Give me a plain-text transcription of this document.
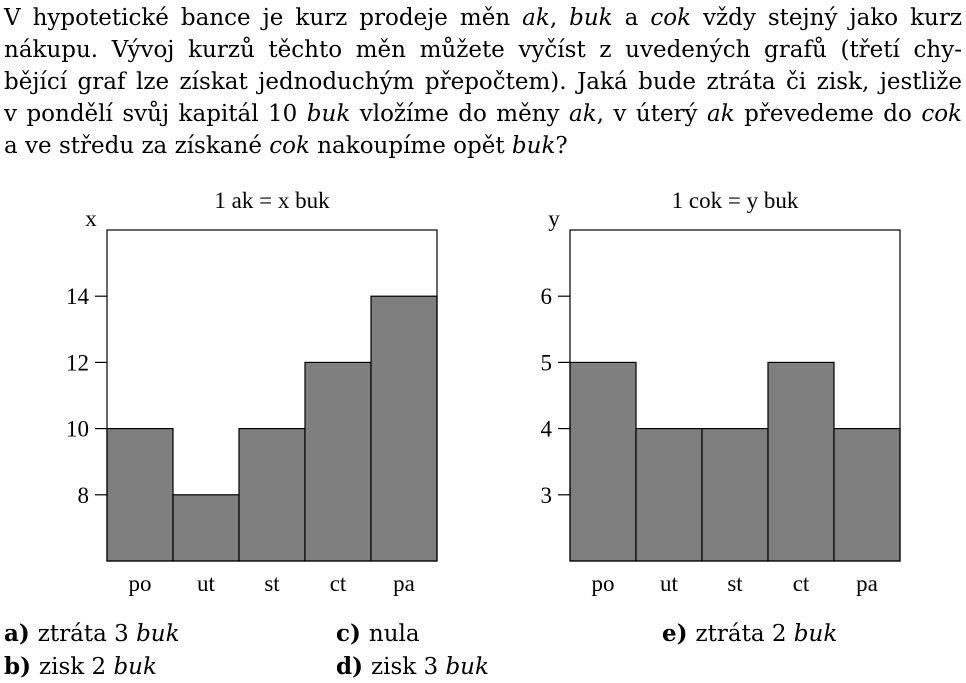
V hypotetické bance je kurz prodeje měn ak, buk a cok vždy stejný jako kurz
nákupu. Vývoj kurzů těchto měn můžete vyčíst z uvedených grafů (třetí chy-
bějící graf lze získat jednoduchým přepočtem). Jaká bude ztráta či zisk, jestliže
v pondělí svůj kapitál 10 buk vložíme do měny ak, v úterý ak převedeme do cok
a ve středu za získané cok nakoupíme opět buk?
8
10
12
14
po ut st ct pa
1 ak = x buk
x
3
4
5
6
po ut st ct pa
1 cok = y buk
y
a) ztráta 3 buk
b) zisk 2 buk
c) nula
d) zisk 3 buk
e) ztráta 2 buk
